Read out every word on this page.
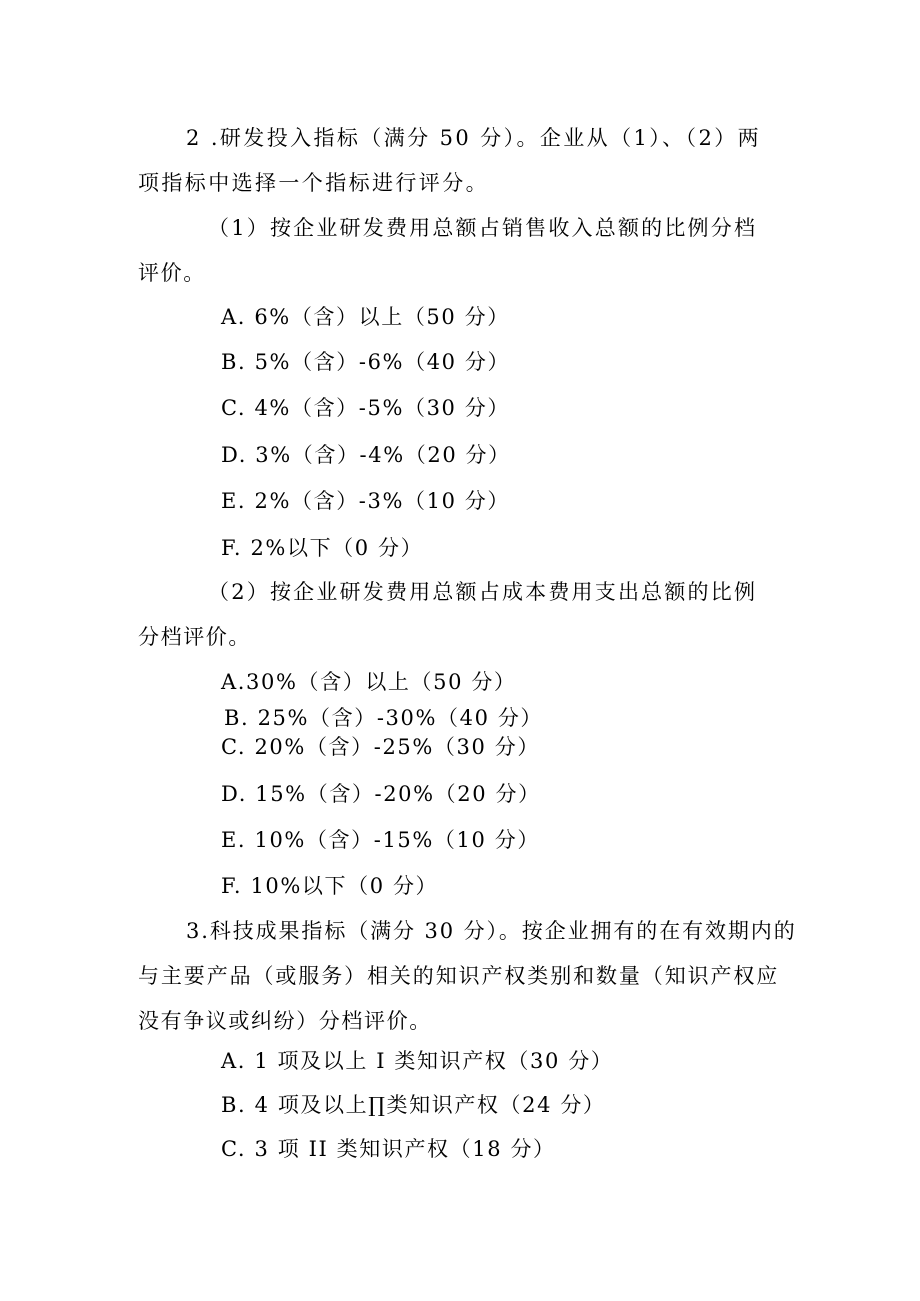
2 .研发投入指标（满分 50 分）。企业从（1）、（2）两
项指标中选择一个指标进行评分。
（1）按企业研发费用总额占销售收入总额的比例分档
评价。
A. 6%（含）以上（50 分）
B. 5%（含）-6%（40 分）
C. 4%（含）-5%（30 分）
D. 3%（含）-4%（20 分）
E. 2%（含）-3%（10 分）
F. 2%以下（0 分）
（2）按企业研发费用总额占成本费用支出总额的比例
分档评价。
A.30%（含）以上（50 分）
B. 25%（含）-30%（40 分）
C. 20%（含）-25%（30 分）
D. 15%（含）-20%（20 分）
E. 10%（含）-15%（10 分）
F. 10%以下（0 分）
3.科技成果指标（满分 30 分）。按企业拥有的在有效期内的
与主要产品（或服务）相关的知识产权类别和数量（知识产权应
没有争议或纠纷）分档评价。
A. 1 项及以上 I 类知识产权（30 分）
B. 4 项及以上∏类知识产权（24 分）
C. 3 项 II 类知识产权（18 分）
